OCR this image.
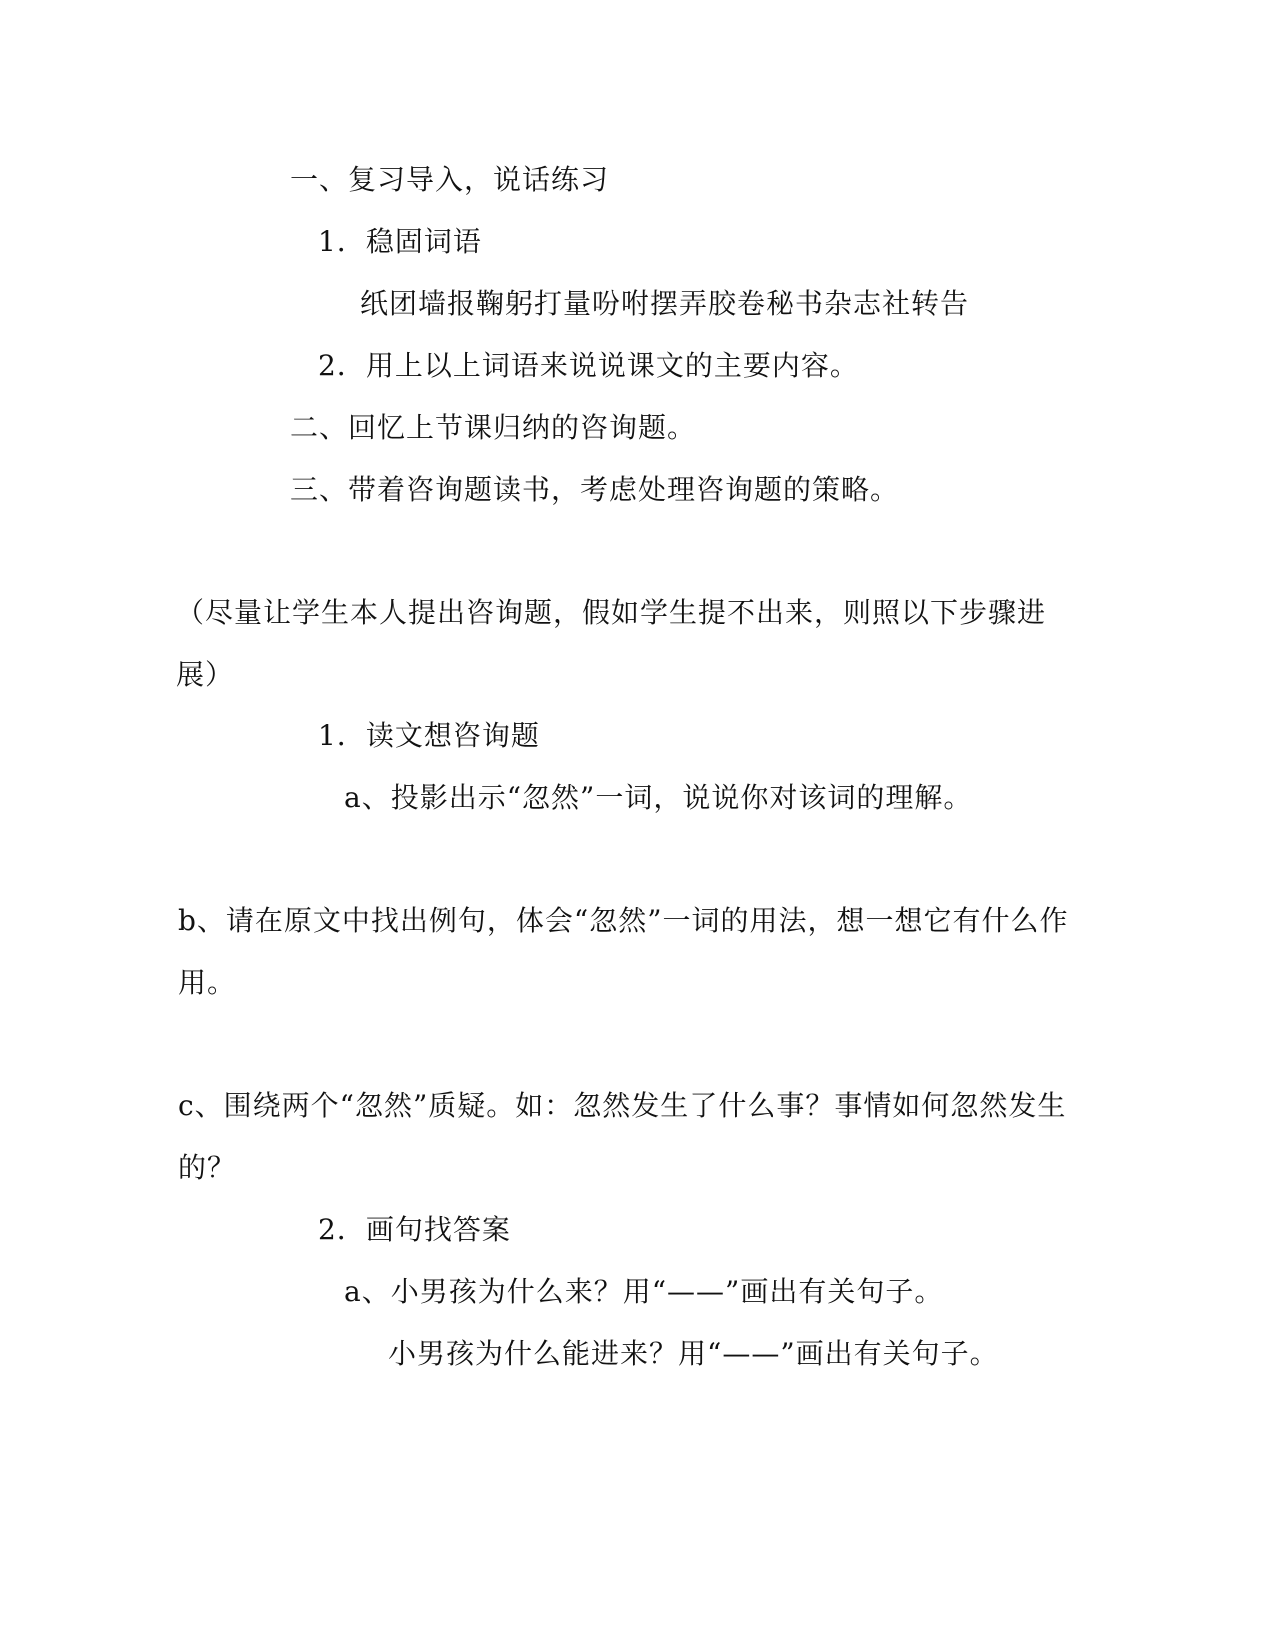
一、复习导入，说话练习
1．稳固词语
纸团墙报鞠躬打量吩咐摆弄胶卷秘书杂志社转告
2．用上以上词语来说说课文的主要内容。
二、回忆上节课归纳的咨询题。
三、带着咨询题读书，考虑处理咨询题的策略。
（尽量让学生本人提出咨询题，假如学生提不出来，则照以下步骤进
展）
1．读文想咨询题
a、投影出示“忽然”一词，说说你对该词的理解。
b、请在原文中找出例句，体会“忽然”一词的用法，想一想它有什么作
用。
c、围绕两个“忽然”质疑。如：忽然发生了什么事？事情如何忽然发生
的？
2．画句找答案
a、小男孩为什么来？用“——”画出有关句子。
小男孩为什么能进来？用“——”画出有关句子。
